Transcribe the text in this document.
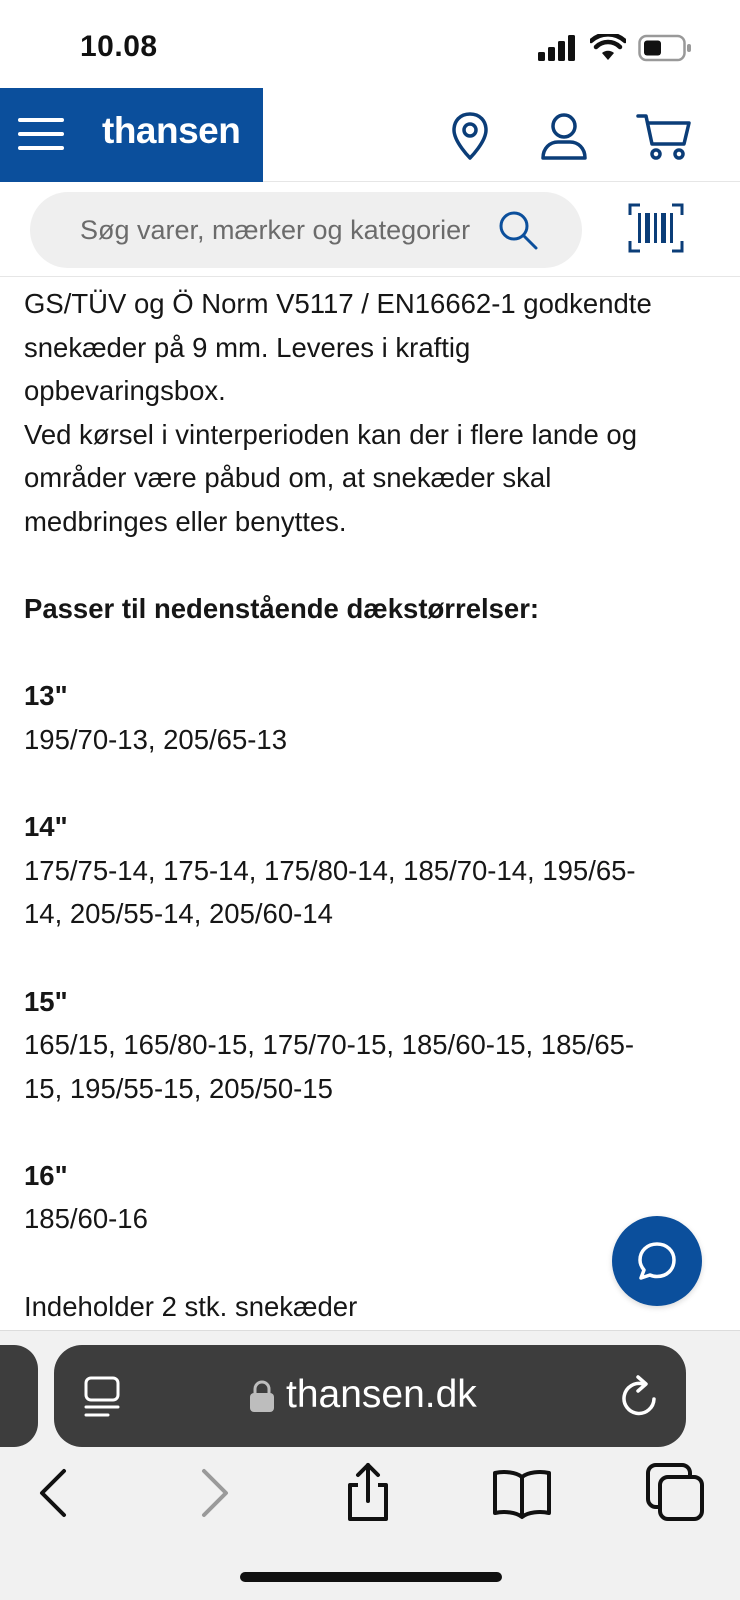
10.08
thansen
Søg varer, mærker og kategorier

GS/TÜV og Ö Norm V5117 / EN16662-1 godkendte

snekæder på 9 mm. Leveres i kraftig

opbevaringsbox.

Ved kørsel i vinterperioden kan der i flere lande og

områder være påbud om, at snekæder skal

medbringes eller benyttes.

Passer til nedenstående dækstørrelser:

13"

195/70-13, 205/65-13

14"

175/75-14, 175-14, 175/80-14, 185/70-14, 195/65-

14, 205/55-14, 205/60-14

15"

165/15, 165/80-15, 175/70-15, 185/60-15, 185/65-

15, 195/55-15, 205/50-15

16"

185/60-16

Indeholder 2 stk. snekæder

thansen.dk
